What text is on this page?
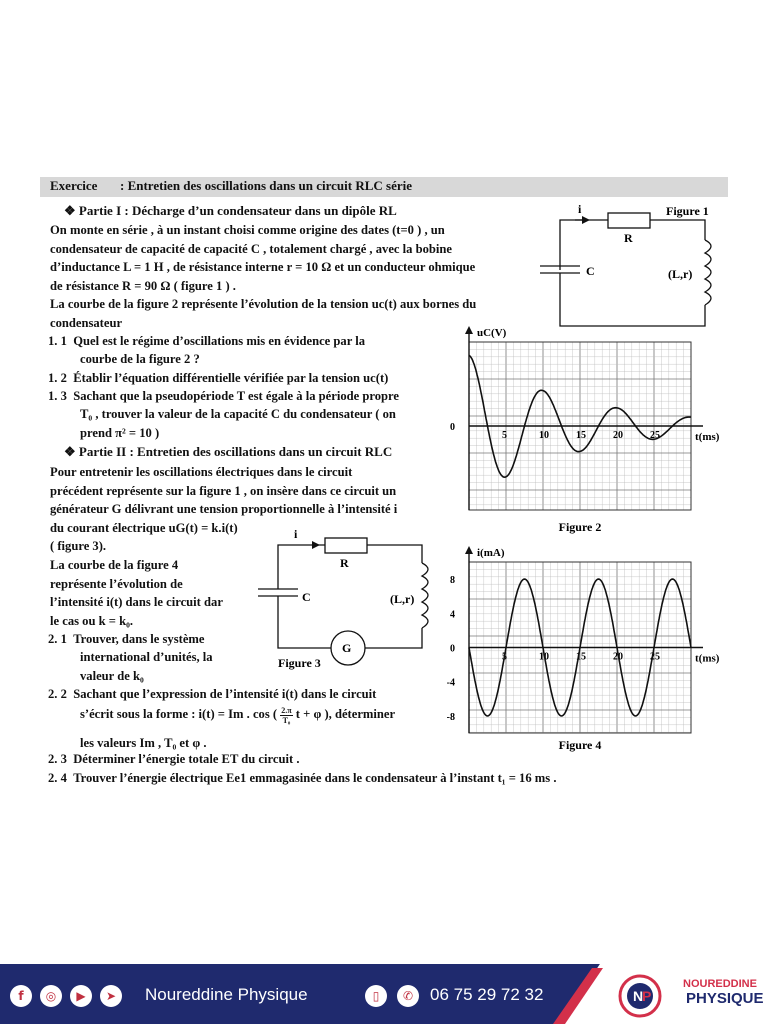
Exercice : Entretien des oscillations dans un circuit RLC série
❖ Partie I : Décharge d’un condensateur dans un dipôle RL
On monte en série , à un instant choisi comme origine des dates (t=0 ) , un
condensateur de capacité de capacité C , totalement chargé , avec la bobine
d’inductance L = 1 H , de résistance interne r = 10 Ω et un conducteur ohmique
de résistance R = 90 Ω ( figure 1 ) .
La courbe de la figure 2 représente l’évolution de la tension uc(t) aux bornes du
condensateur
1. 1 Quel est le régime d’oscillations mis en évidence par la
courbe de la figure 2 ?
1. 2 Établir l’équation différentielle vérifiée par la tension uc(t)
1. 3 Sachant que la pseudopériode T est égale à la période propre
T₀ , trouver la valeur de la capacité C du condensateur ( on
prend π² = 10 )
❖ Partie II : Entretien des oscillations dans un circuit RLC
Pour entretenir les oscillations électriques dans le circuit
précédent représente sur la figure 1 , on insère dans ce circuit un
générateur G délivrant une tension proportionnelle à l’intensité i
du courant électrique uG(t) = k.i(t)
( figure 3).
La courbe de la figure 4
représente l’évolution de
l’intensité i(t) dans le circuit dar
le cas ou k = k₀.
2. 1 Trouver, dans le système
international d’unités, la
valeur de k₀
2. 2 Sachant que l’expression de l’intensité i(t) dans le circuit
s’écrit sous la forme : i(t) = Im . cos ( $\frac{2.\pi}{\text{T₀}}$ t + φ ), déterminer
les valeurs Im , T₀ et φ .
2. 3 Déterminer l’énergie totale ET du circuit .
2. 4 Trouver l’énergie électrique Ee1 emmagasinée dans le condensateur à l’instant t₁ = 16 ms .
i
R
C	(L,r)
Figure 1
i
R
C	(L,r)
G
Figure 3
uC(V)
t(ms)
5	10	15	20	25
0
Figure 2
i(mA)
t(ms)
5	10	15	20	25
-8
-4
0
4
8
Figure 4
f	◎	▶	➤	Noureddine Physique	▯	✆ 06 75 29 72 32	N
P
NOUREDDINE
PHYSIQUE
